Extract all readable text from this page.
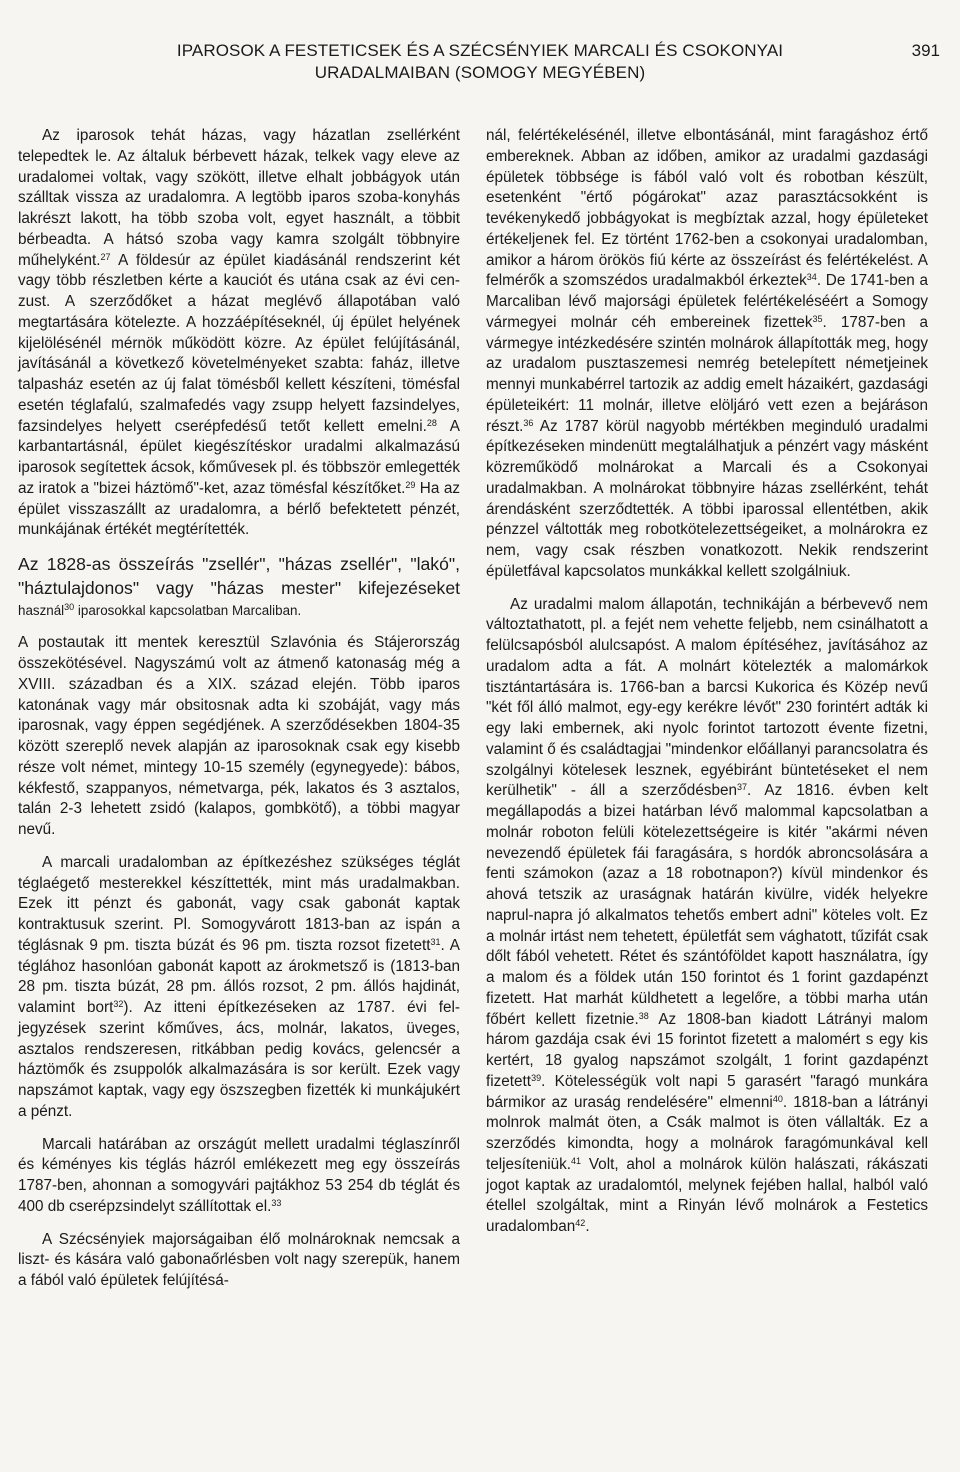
IPAROSOK A FESTETICSEK ÉS A SZÉCSÉNYIEK MARCALI ÉS CSOKONYAI
URADALMAIBAN (SOMOGY MEGYÉBEN)
391

Az iparosok tehát házas, vagy házatlan zsellérként telepedtek le. Az általuk bérbevett házak, telkek vagy eleve az uradalomei voltak, vagy szökött, illetve elhalt jobbágyok után szálltak vissza az uradalomra. A legtöbb iparos szoba-konyhás lakrészt lakott, ha több szoba volt, egyet használt, a többit bérbeadta. A hátsó szoba vagy kamra szolgált többnyire műhelyként.$^{27}$ A földesúr az épület kiadásánál rendszerint két vagy több részletben kérte a kauciót és utána csak az évi cenzust. A szerződőket a házat meglévő állapotában való megtartására kötelezte. A hozzáépítéseknél, új épület helyének kijelölésénél mérnök működött közre. Az épület felújításánál, javításánál a következő követelményeket szabta: faház, illetve talpasház esetén az új falat tömésből kellett készíteni, tömésfal esetén téglafalú, szalmafedés vagy zsupp helyett fazsindelyes, fazsindelyes helyett cserépfedésű tetőt kellett emelni.$^{28}$ A karbantartásnál, épület kiegészítéskor uradalmi alkalmazású iparosok segítettek ácsok, kőművesek pl. és többször emlegették az iratok a "bizei háztömő"-ket, azaz tömésfal készítőket.$^{29}$ Ha az épület visszaszállt az uradalomra, a bérlő befektetett pénzét, munkájának értékét megtérítették.

Az 1828-as összeírás "zsellér", "házas zsellér", "lakó", "háztulajdonos" vagy "házas mester" kifejezéseket használ$^{30}$ iparosokkal kapcsolatban Marcaliban.

A postautak itt mentek keresztül Szlavónia és Stájerország összekötésével. Nagyszámú volt az átmenő katonaság még a XVIII. században és a XIX. század elején. Több iparos katonának vagy már obsitosnak adta ki szobáját, vagy más iparosnak, vagy éppen segédjének. A szerződésekben 1804-35 között szereplő nevek alapján az iparosoknak csak egy kisebb része volt német, mintegy 10-15 személy (egynegyede): bábos, kékfestő, szappanyos, németvarga, pék, lakatos és 3 asztalos, talán 2-3 lehetett zsidó (kalapos, gombkötő), a többi magyar nevű.

A marcali uradalomban az építkezéshez szükséges téglát téglaégető mesterekkel készíttették, mint más uradalmakban. Ezek itt pénzt és gabonát, vagy csak gabonát kaptak kontraktusuk szerint. Pl. Somogyvárott 1813-ban az ispán a téglásnak 9 pm. tiszta búzát és 96 pm. tiszta rozsot fizetett$^{31}$. A téglához hasonlóan gabonát kapott az árokmetsző is (1813-ban 28 pm. tiszta búzát, 28 pm. állós rozsot, 2 pm. állós hajdinát, valamint bort$^{32}$). Az itteni építkezéseken az 1787. évi feljegyzések szerint kőműves, ács, molnár, lakatos, üveges, asztalos rendszeresen, ritkábban pedig kovács, gelencsér a háztömők és zsuppolók alkalmazására is sor került. Ezek vagy napszámot kaptak, vagy egy öszszegben fizették ki munkájukért a pénzt.

Marcali határában az országút mellett uradalmi téglaszínről és kéményes kis téglás házról emlékezett meg egy összeírás 1787-ben, ahonnan a somogyvári pajtákhoz 53 254 db téglát és 400 db cserépzsindelyt szállítottak el.$^{33}$

A Szécsényiek majorságaiban élő molnároknak nemcsak a liszt- és kására való gabonaőrlésben volt nagy szerepük, hanem a fából való épületek felújítésá-

nál, felértékelésénél, illetve elbontásánál, mint faragáshoz értő embereknek. Abban az időben, amikor az uradalmi gazdasági épületek többsége is fából való volt és robotban készült, esetenként "értő pógárokat" azaz parasztácsokként is tevékenykedő jobbágyokat is megbíztak azzal, hogy épületeket értékeljenek fel. Ez történt 1762-ben a csokonyai uradalomban, amikor a három örökös fiú kérte az összeírást és felértékelést. A felmérők a szomszédos uradalmakból érkeztek$^{34}$. De 1741-ben a Marcaliban lévő majorsági épületek felértékeléséért a Somogy vármegyei molnár céh embereinek fizettek$^{35}$. 1787-ben a vármegye intézkedésére szintén molnárok állapították meg, hogy az uradalom pusztaszemesi nemrég betelepített németjeinek mennyi munkabérrel tartozik az addig emelt házaikért, gazdasági épületeikért: 11 molnár, illetve elöljáró vett ezen a bejáráson részt.$^{36}$ Az 1787 körül nagyobb mértékben meginduló uradalmi építkezéseken mindenütt megtalálhatjuk a pénzért vagy másként közreműködő molnárokat a Marcali és a Csokonyai uradalmakban. A molnárokat többnyire házas zsellérként, tehát árendásként szerződtették. A többi iparossal ellentétben, akik pénzzel váltották meg robotkötelezettségeiket, a molnárokra ez nem, vagy csak részben vonatkozott. Nekik rendszerint épületfával kapcsolatos munkákkal kellett szolgálniuk.

Az uradalmi malom állapotán, technikáján a bérbevevő nem változtathatott, pl. a fejét nem vehette feljebb, nem csinálhatott a felülcsapósból alulcsapóst. A malom építéséhez, javításához az uradalom adta a fát. A molnárt kötelezték a malomárkok tisztántartására is. 1766-ban a barcsi Kukorica és Közép nevű "két fől álló malmot, egy-egy kerékre lévőt" 230 forintért adták ki egy laki embernek, aki nyolc forintot tartozott évente fizetni, valamint ő és családtagjai "mindenkor előállanyi parancsolatra és szolgálnyi kötelesek lesznek, egyébiránt büntetéseket el nem kerülhetik" - áll a szerződésben$^{37}$. Az 1816. évben kelt megállapodás a bizei határban lévő malommal kapcsolatban a molnár roboton felüli kötelezettségeire is kitér "akármi néven nevezendő épületek fái faragására, s hordók abroncsolására a fenti számokon (azaz a 18 robotnapon?) kívül mindenkor és ahová tetszik az uraságnak határán kivülre, vidék helyekre naprul-napra jó alkalmatos tehetős embert adni" köteles volt. Ez a molnár irtást nem tehetett, épületfát sem vághatott, tűzifát csak dőlt fából vehetett. Rétet és szántóföldet kapott használatra, így a malom és a földek után 150 forintot és 1 forint gazdapénzt fizetett. Hat marhát küldhetett a legelőre, a többi marha után főbért kellett fizetnie.$^{38}$ Az 1808-ban kiadott Látrányi malom három gazdája csak évi 15 forintot fizetett a malomért s egy kis kertért, 18 gyalog napszámot szolgált, 1 forint gazdapénzt fizetett$^{39}$. Kötelességük volt napi 5 garasért "faragó munkára bármikor az uraság rendelésére" elmenni$^{40}$. 1818-ban a látrányi molnrok malmát öten, a Csák malmot is öten vállalták. Ez a szerződés kimondta, hogy a molnárok faragómunkával kell teljesíteniük.$^{41}$ Volt, ahol a molnárok külön halászati, rákászati jogot kaptak az uradalomtól, melynek fejében hallal, halból való étellel szolgáltak, mint a Rinyán lévő molnárok a Festetics uradalomban$^{42}$.
